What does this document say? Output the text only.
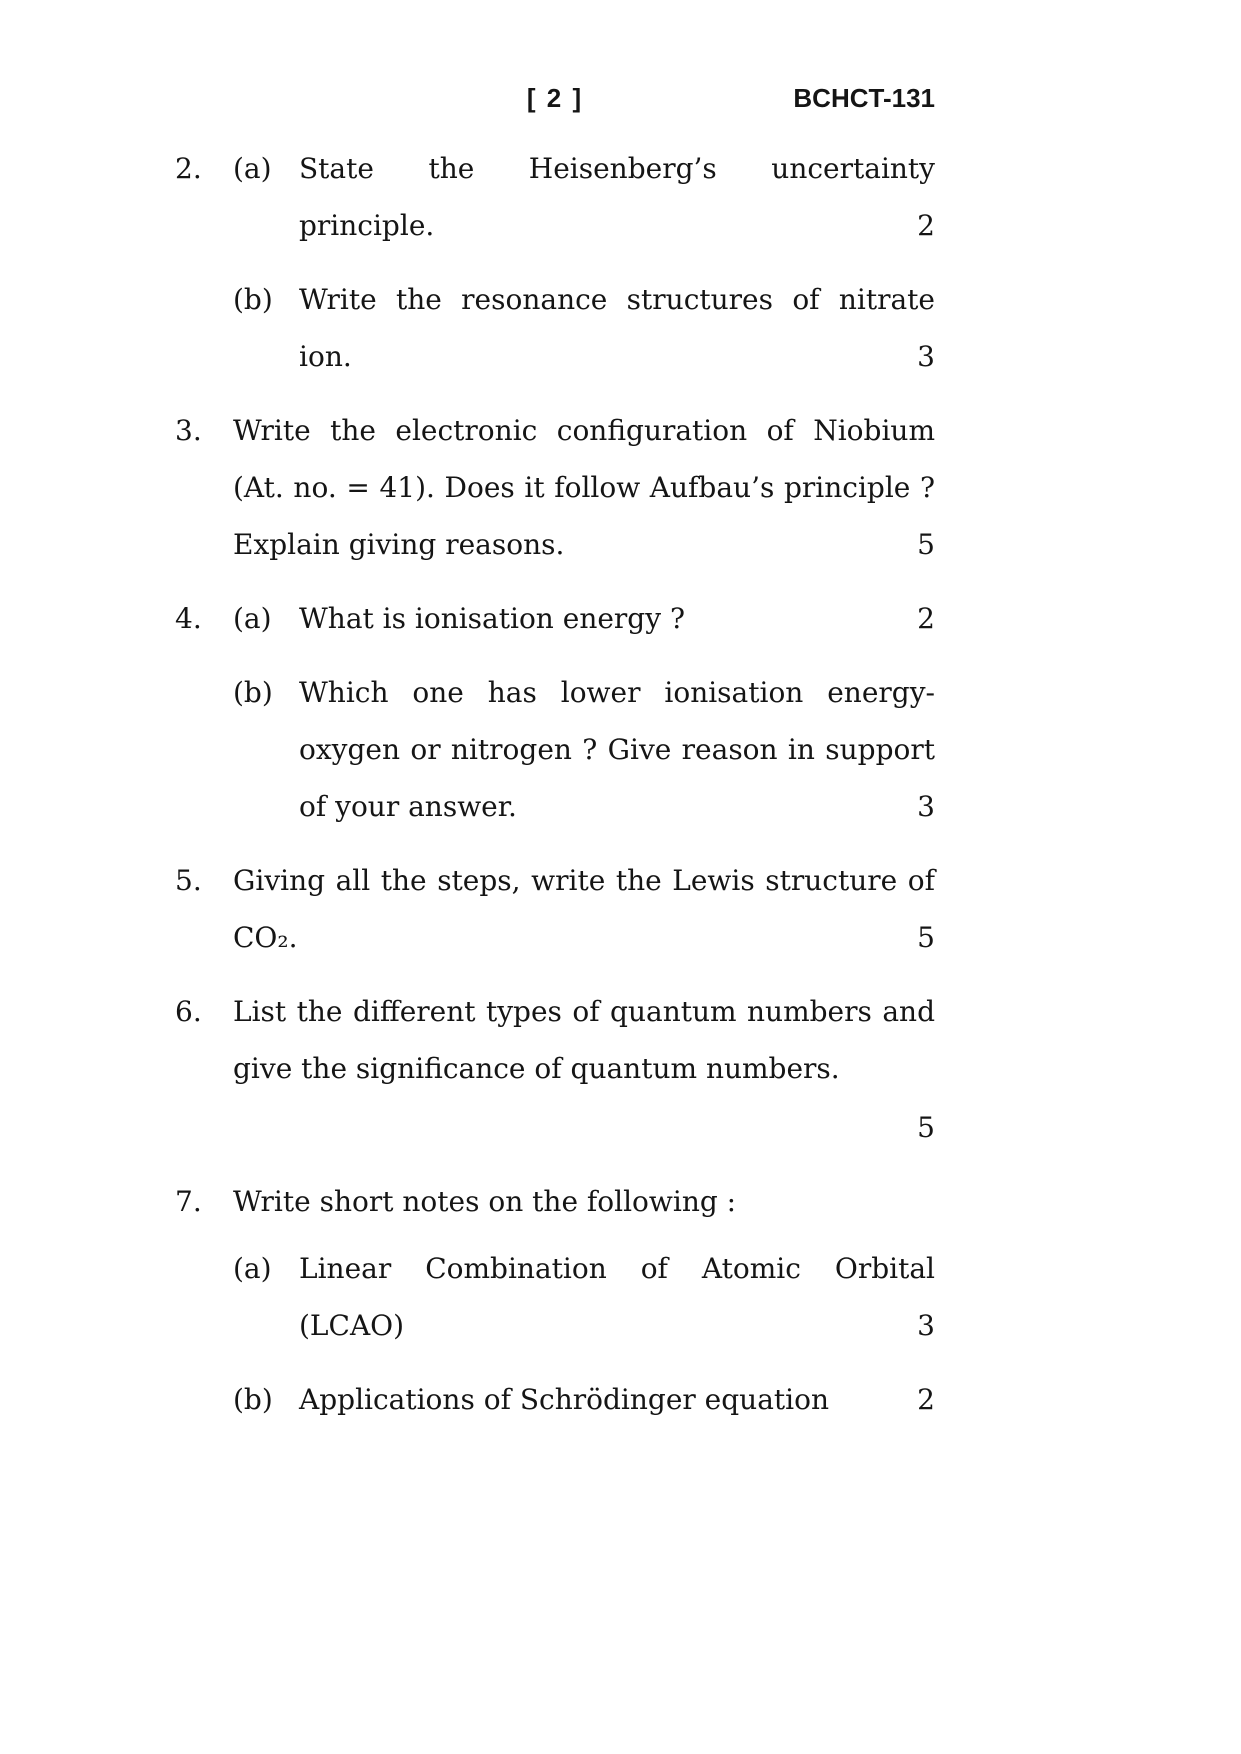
[ 2 ]	BCHCT-131
2.	(a) State the Heisenberg’s uncertainty principle.	2
(b) Write the resonance structures of nitrate ion.	3
3.	Write the electronic configuration of Niobium (At. no. = 41). Does it follow Aufbau’s principle ? Explain giving reasons.	5
4.	(a) What is ionisation energy ?	2
(b) Which one has lower ionisation energy- oxygen or nitrogen ? Give reason in support of your answer.	3
5.	Giving all the steps, write the Lewis structure of CO₂.	5
6.	List the different types of quantum numbers and give the significance of quantum numbers.
5
7.	Write short notes on the following :
(a) Linear Combination of Atomic Orbital (LCAO)	3
(b) Applications of Schrödinger equation	2
